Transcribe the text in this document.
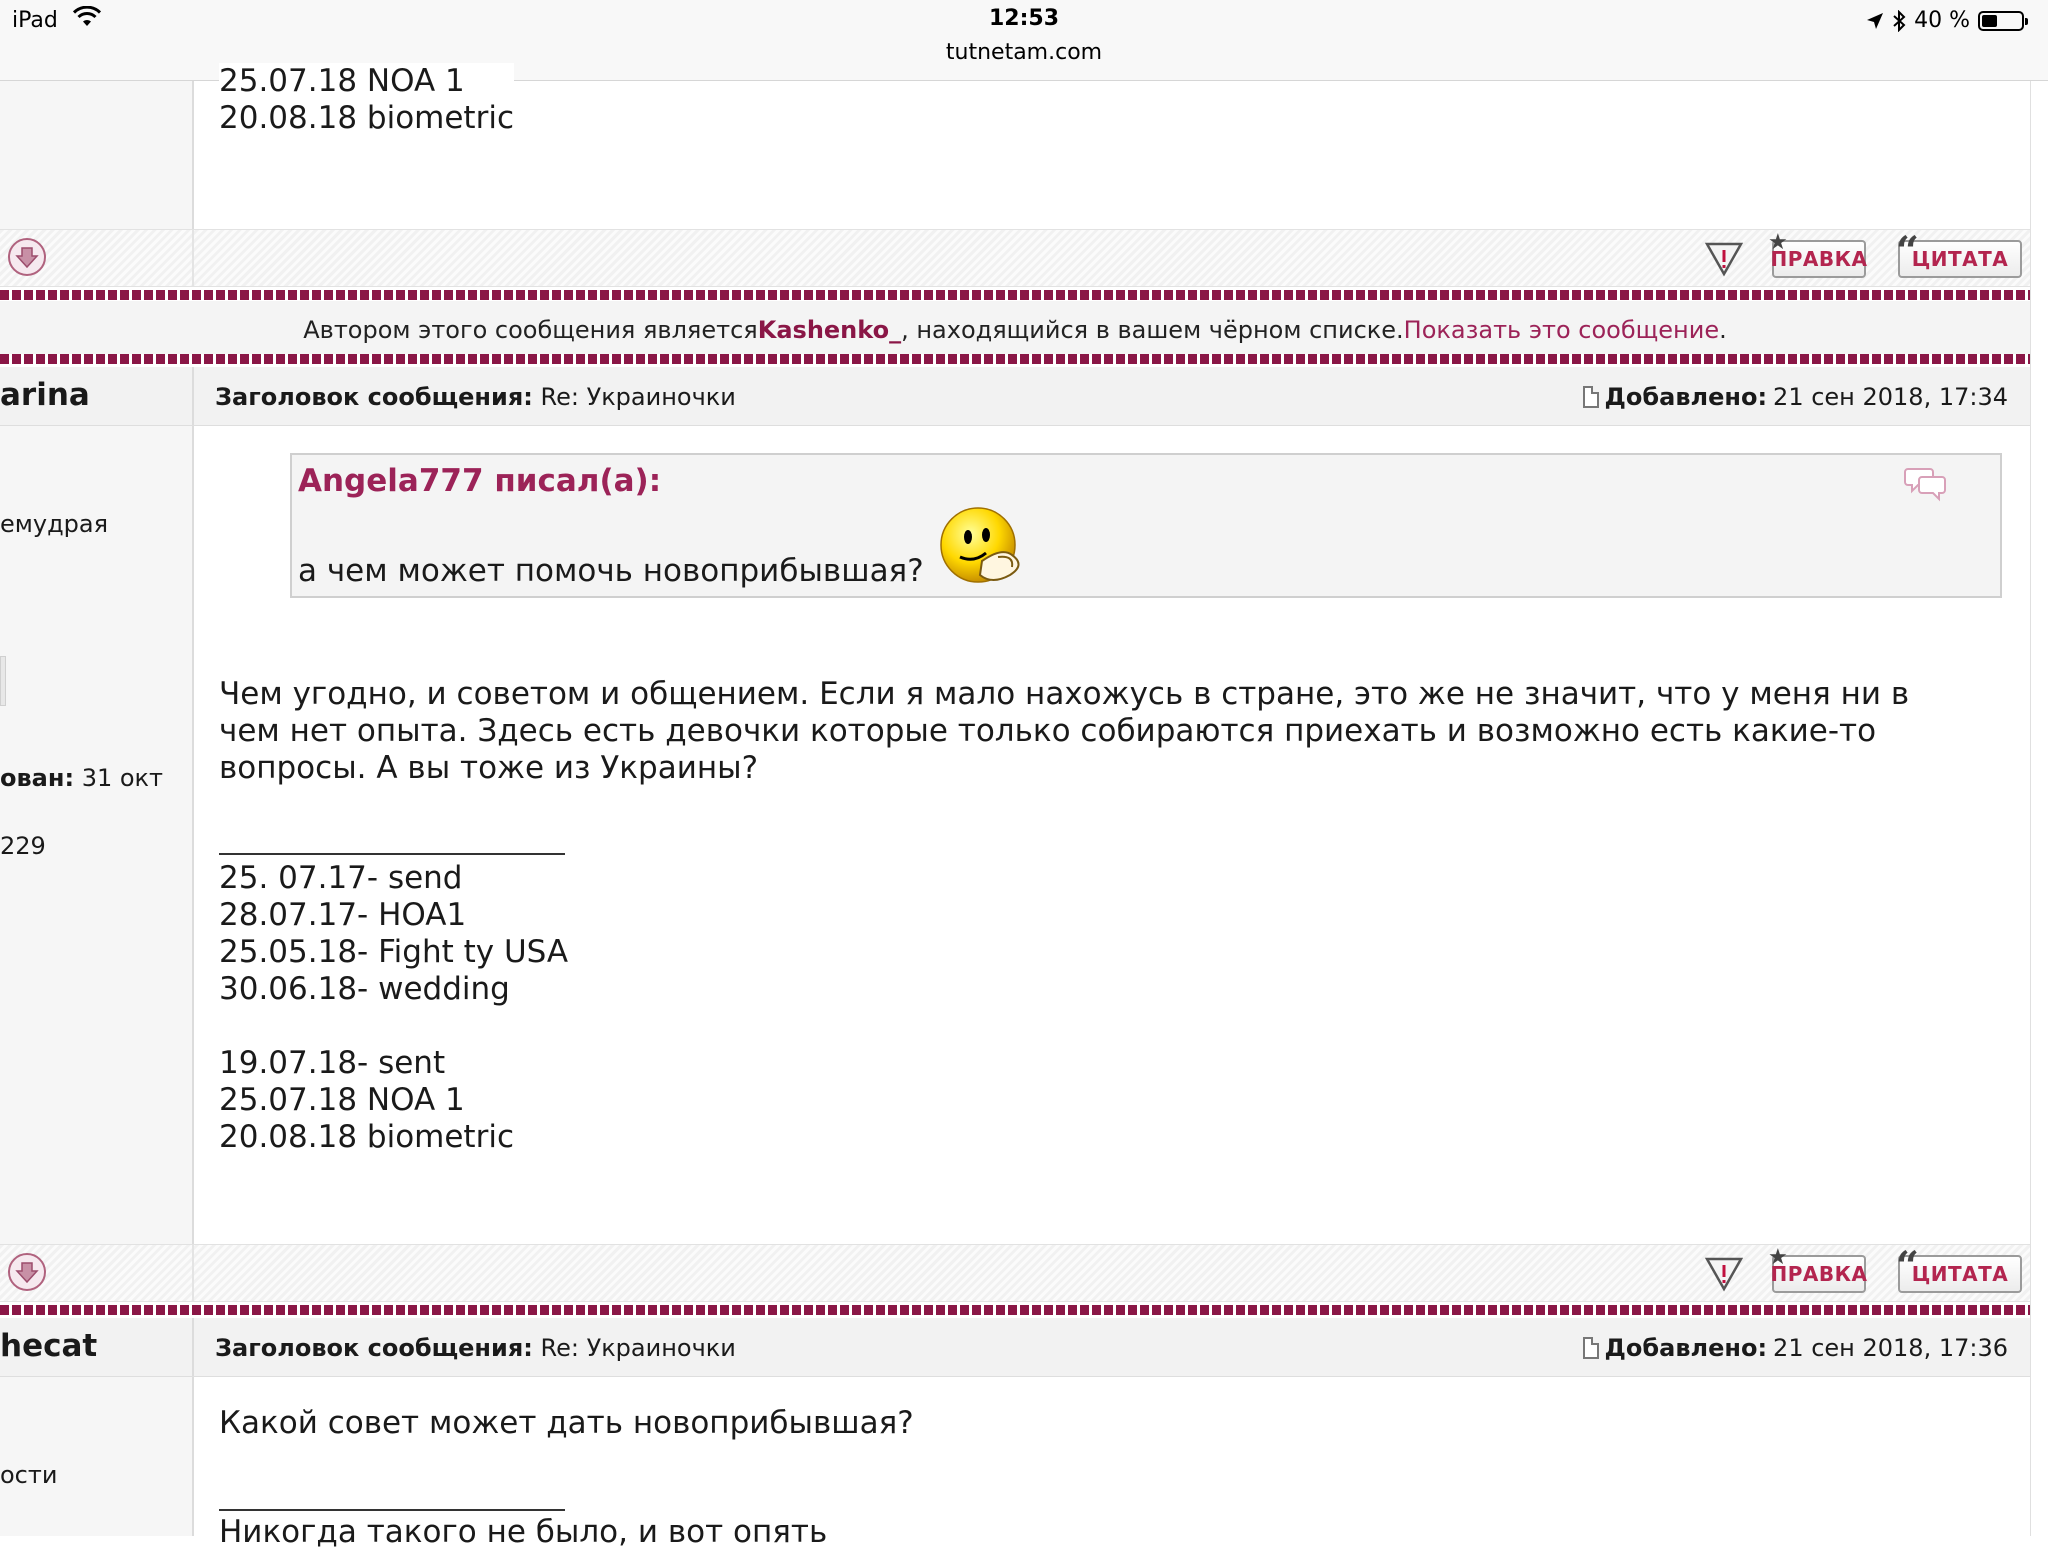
iPad	12:53
tutnetam.com
40 %
25.07.18 NOA 1
20.08.18 biometric
★
ПРАВКА “
ЦИТАТА
Автором этого сообщения является Kashenko_ , находящийся в вашем чёрном списке. Показать это сообщение .
arina	Заголовок сообщения: Re: Украиночки	Добавлено: 21 сен 2018, 17:34
емудрая
ован: 31 окт
229
Angela777 писал(а):
а чем может помочь новоприбывшая?
Чем угодно, и советом и общением. Если я мало нахожусь в стране, это же не значит, что у меня ни в
чем нет опыта. Здесь есть девочки которые только собираются приехать и возможно есть какие-то
вопросы. А вы тоже из Украины?
25. 07.17- send
28.07.17- HOA1
25.05.18- Fight ty USA
30.06.18- wedding
19.07.18- sent
25.07.18 NOA 1
20.08.18 biometric
★
ПРАВКА “
ЦИТАТА
hecat	Заголовок сообщения: Re: Украиночки	Добавлено: 21 сен 2018, 17:36
ости
Какой совет может дать новоприбывшая?
Никогда такого не было, и вот опять
